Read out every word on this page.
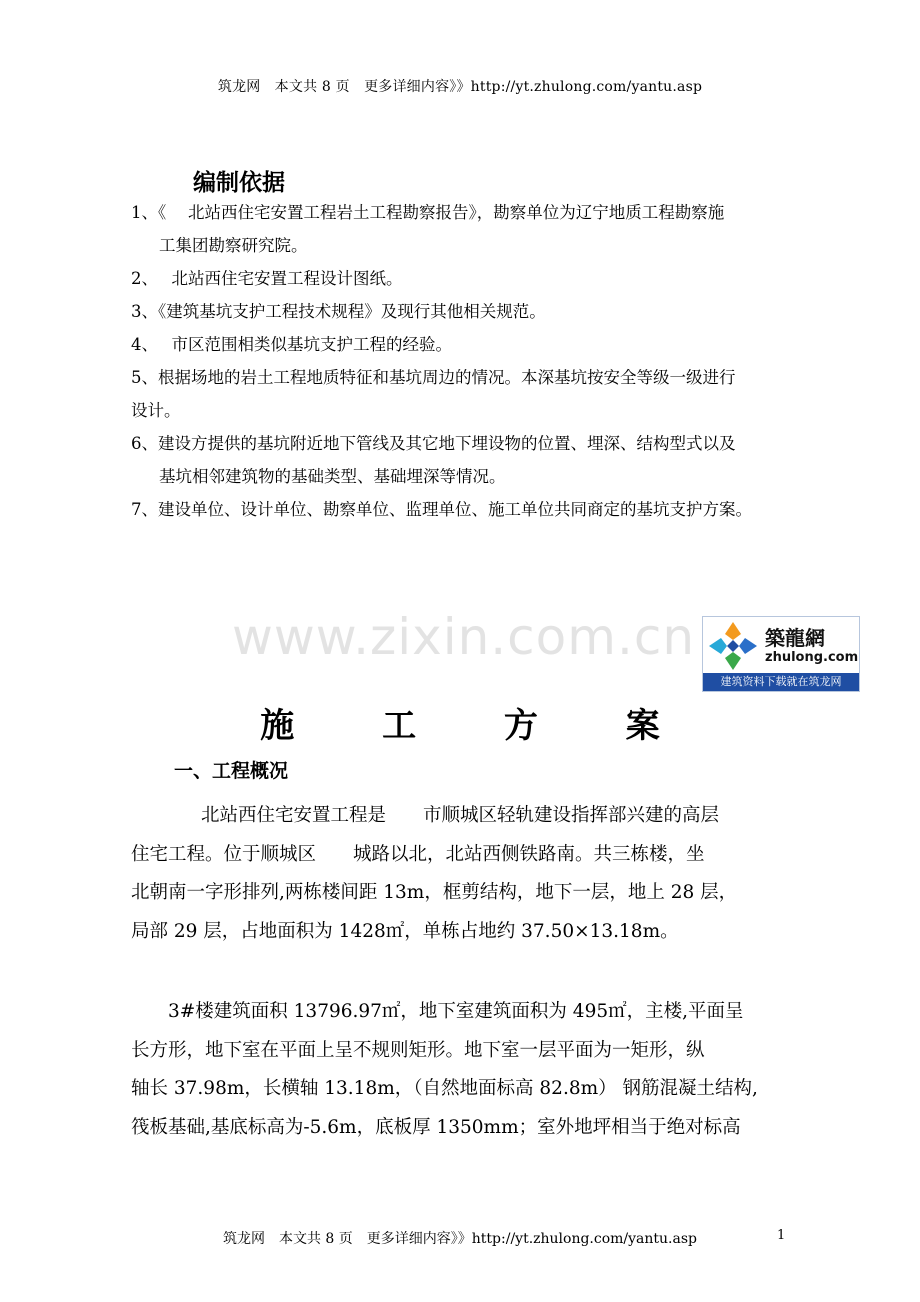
筑龙网　本文共 8 页　更多详细内容》》http://yt.zhulong.com/yantu.asp
编制依据
1、《　 北站西住宅安置工程岩土工程勘察报告》，勘察单位为辽宁地质工程勘察施
工集团勘察研究院。
2、　 北站西住宅安置工程设计图纸。
3、《建筑基坑支护工程技术规程》及现行其他相关规范。
4、　 市区范围相类似基坑支护工程的经验。
5、根据场地的岩土工程地质特征和基坑周边的情况。本深基坑按安全等级一级进行
设计。
6、建设方提供的基坑附近地下管线及其它地下埋设物的位置、埋深、结构型式以及
基坑相邻建筑物的基础类型、基础埋深等情况。
7、建设单位、设计单位、勘察单位、监理单位、施工单位共同商定的基坑支护方案。
www.zixin.com.cn	築龍網
zhulong.com
建筑资料下载就在筑龙网
施 工 方 案
一、工程概况
北站西住宅安置工程是　　市顺城区轻轨建设指挥部兴建的高层
住宅工程。位于顺城区　　城路以北，北站西侧铁路南。共三栋楼，坐
北朝南一字形排列,两栋楼间距 13m，框剪结构，地下一层，地上 28 层，
局部 29 层，占地面积为 1428㎡，单栋占地约 37.50×13.18m。
3#楼建筑面积 13796.97㎡，地下室建筑面积为 495㎡，主楼,平面呈
长方形，地下室在平面上呈不规则矩形。地下室一层平面为一矩形，纵
轴长 37.98m，长横轴 13.18m，（自然地面标高 82.8m） 钢筋混凝土结构,
筏板基础,基底标高为-5.6m，底板厚 1350mm；室外地坪相当于绝对标高
筑龙网　本文共 8 页　更多详细内容》》http://yt.zhulong.com/yantu.asp	1
